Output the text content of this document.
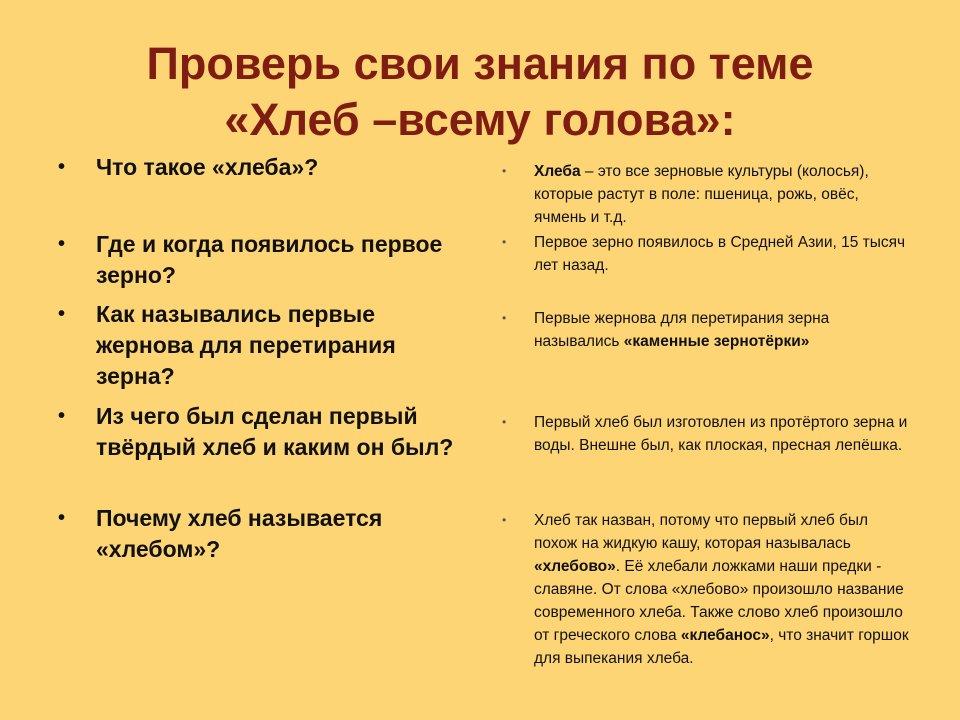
Проверь свои знания по теме
«Хлеб –всему голова»:
• Что такое «хлеба»?
• Где и когда появилось первое зерно?
• Как назывались первые жернова для перетирания зерна?
• Из чего был сделан первый твёрдый хлеб и каким он был?
• Почему хлеб называется «хлебом»?
• Хлеба – это все зерновые культуры (колосья), которые растут в поле: пшеница, рожь, овёс, ячмень и т.д.
• Первое зерно появилось в Средней Азии, 15 тысяч лет назад.
• Первые жернова для перетирания зерна назывались «каменные зернотёрки»
• Первый хлеб был изготовлен из протёртого зерна и воды. Внешне был, как плоская, пресная лепёшка.
• Хлеб так назван, потому что первый хлеб был похож на жидкую кашу, которая называлась «хлебово». Её хлебали ложками наши предки - славяне. От слова «хлебово» произошло название современного хлеба. Также слово хлеб произошло от греческого слова «клебанос», что значит горшок для выпекания хлеба.
